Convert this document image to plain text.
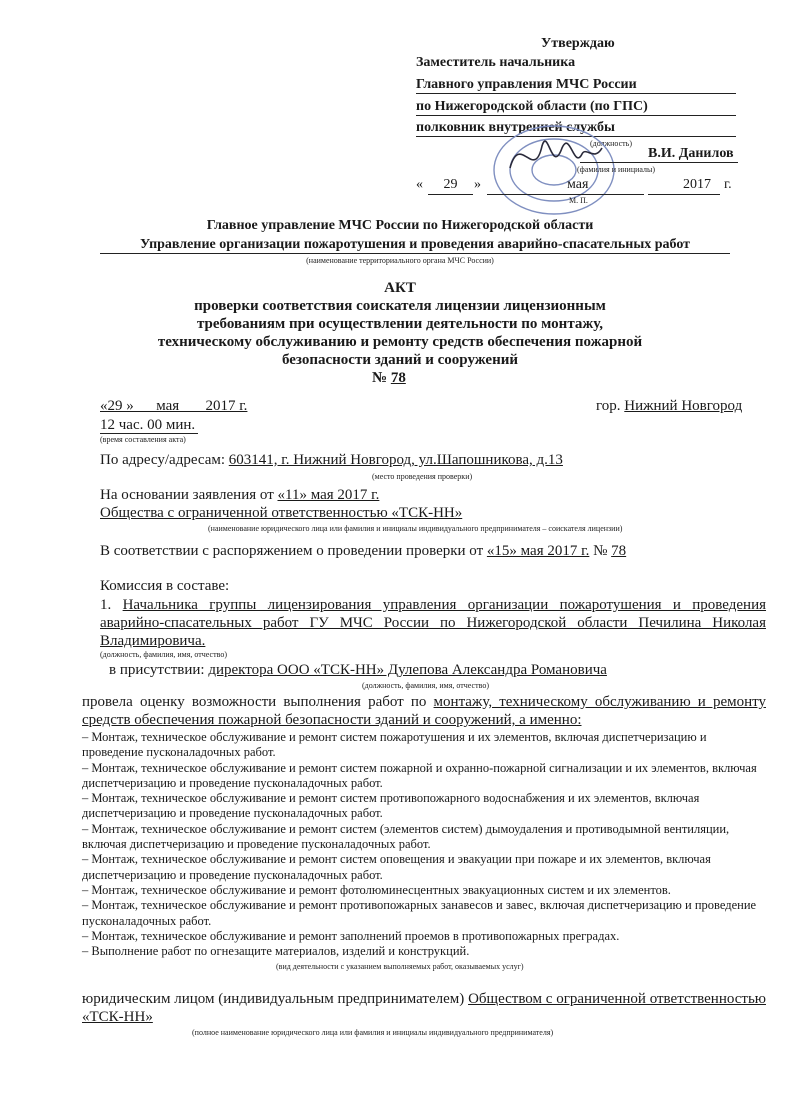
Утверждаю
Заместитель начальника
Главного управления МЧС России
по Нижегородской области (по ГПС)
полковник внутренней службы
(должность)
В.И. Данилов
(фамилия и инициалы)
«	29	»	мая	2017 г.
М. П.
Главное управление МЧС России по Нижегородской области
Управление организации пожаротушения и проведения аварийно-спасательных работ
(наименование территориального органа МЧС России)
АКТ
проверки соответствия соискателя лицензии лицензионным
требованиям при осуществлении деятельности по монтажу,
техническому обслуживанию и ремонту средств обеспечения пожарной
безопасности зданий и сооружений
№ 78
«29 »      мая       2017 г.	гор. Нижний Новгород
12 час. 00 мин.
(время составления акта)
По адресу/адресам: 603141, г. Нижний Новгород, ул.Шапошникова, д.13
(место проведения проверки)
На основании заявления от «11» мая 2017 г.
Общества с ограниченной ответственностью «ТСК-НН»
(наименование юридического лица или фамилия и инициалы индивидуального предпринимателя – соискателя лицензии)
В соответствии с распоряжением о проведении проверки от «15» мая 2017 г. № 78
Комиссия в составе:
1. Начальника группы лицензирования управления организации пожаротушения и проведения аварийно-спасательных работ ГУ МЧС России по Нижегородской области Печилина Николая Владимировича.
(должность, фамилия, имя, отчество)
в присутствии: директора ООО «ТСК-НН» Дулепова Александра Романовича
(должность, фамилия, имя, отчество)
провела оценку возможности выполнения работ по монтажу, техническому обслуживанию и ремонту средств обеспечения пожарной безопасности зданий и сооружений, а именно:
– Монтаж, техническое обслуживание и ремонт систем пожаротушения и их элементов, включая диспетчеризацию и проведение пусконаладочных работ.
– Монтаж, техническое обслуживание и ремонт систем пожарной и охранно-пожарной сигнализации и их элементов, включая диспетчеризацию и проведение пусконаладочных работ.
– Монтаж, техническое обслуживание и ремонт систем противопожарного водоснабжения и их элементов, включая диспетчеризацию и проведение пусконаладочных работ.
– Монтаж, техническое обслуживание и ремонт систем (элементов систем) дымоудаления и противодымной вентиляции, включая диспетчеризацию и проведение пусконаладочных работ.
– Монтаж, техническое обслуживание и ремонт систем оповещения и эвакуации при пожаре и их элементов, включая диспетчеризацию и проведение пусконаладочных работ.
– Монтаж, техническое обслуживание и ремонт фотолюминесцентных эвакуационных систем и их элементов.
– Монтаж, техническое обслуживание и ремонт противопожарных занавесов и завес, включая диспетчеризацию и проведение пусконаладочных работ.
– Монтаж, техническое обслуживание и ремонт заполнений проемов в противопожарных преградах.
– Выполнение работ по огнезащите материалов, изделий и конструкций.
(вид деятельности с указанием выполняемых работ, оказываемых услуг)
юридическим лицом (индивидуальным предпринимателем) Обществом с ограниченной ответственностью «ТСК-НН»
(полное наименование юридического лица или фамилия и инициалы индивидуального предпринимателя)
